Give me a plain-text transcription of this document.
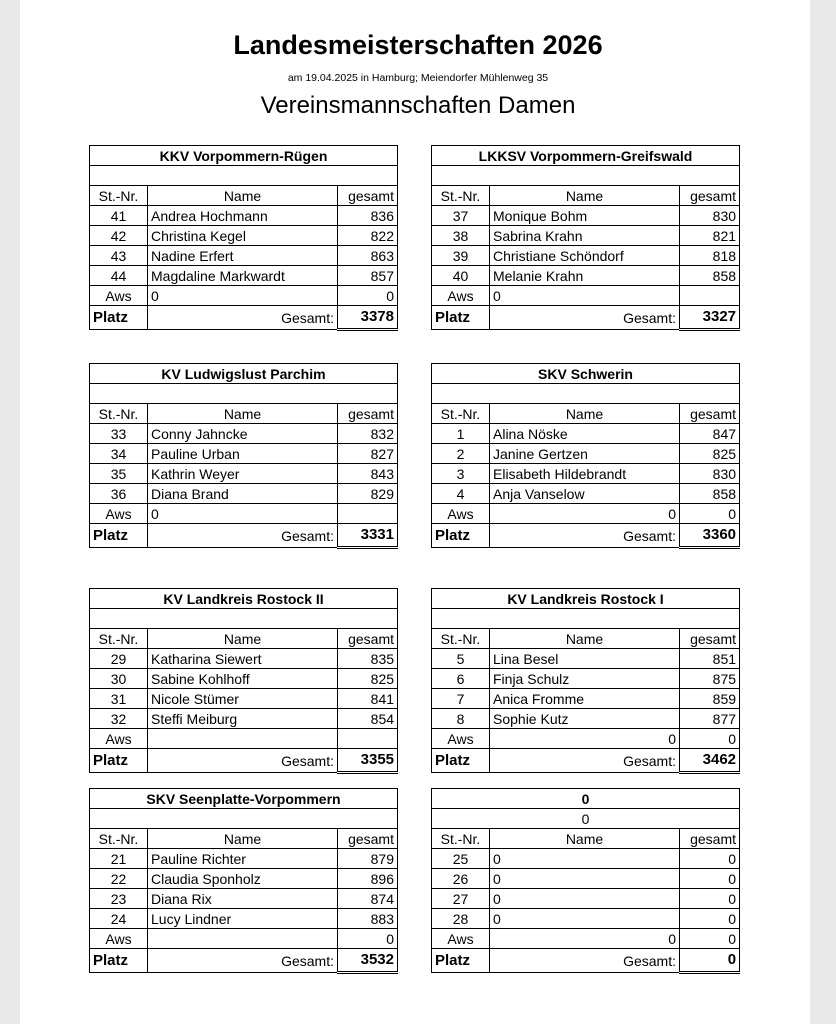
Landesmeisterschaften 2026
am 19.04.2025 in Hamburg; Meiendorfer Mühlenweg 35
Vereinsmannschaften Damen
KKV Vorpommern-Rügen		

St.-Nr.	Name	gesamt
41	Andrea Hochmann	836
42	Christina Kegel	822
43	Nadine Erfert	863
44	Magdaline Markwardt	857
Aws	0	0
Platz	Gesamt:	3378
LKKSV Vorpommern-Greifswald		

St.-Nr.	Name	gesamt
37	Monique Bohm	830
38	Sabrina Krahn	821
39	Christiane Schöndorf	818
40	Melanie Krahn	858
Aws	0

Platz	Gesamt:	3327
KV Ludwigslust Parchim		

St.-Nr.	Name	gesamt
33	Conny Jahncke	832
34	Pauline Urban	827
35	Kathrin Weyer	843
36	Diana Brand	829
Aws	0

Platz	Gesamt:	3331
SKV Schwerin		

St.-Nr.	Name	gesamt
1	Alina Nöske	847
2	Janine Gertzen	825
3	Elisabeth Hildebrandt	830
4	Anja Vanselow	858
Aws	0	0
Platz	Gesamt:	3360
KV Landkreis Rostock II		

St.-Nr.	Name	gesamt
29	Katharina Siewert	835
30	Sabine Kohlhoff	825
31	Nicole Stümer	841
32	Steffi Meiburg	854
Aws	

Platz	Gesamt:	3355
KV Landkreis Rostock I		

St.-Nr.	Name	gesamt
5	Lina Besel	851
6	Finja Schulz	875
7	Anica Fromme	859
8	Sophie Kutz	877
Aws	0	0
Platz	Gesamt:	3462
SKV Seenplatte-Vorpommern		

St.-Nr.	Name	gesamt
21	Pauline Richter	879
22	Claudia Sponholz	896
23	Diana Rix	874
24	Lucy Lindner	883
Aws		0
Platz	Gesamt:	3532
0		
0		
St.-Nr.	Name	gesamt
25	0	0
26	0	0
27	0	0
28	0	0
Aws	0	0
Platz	Gesamt:	0
